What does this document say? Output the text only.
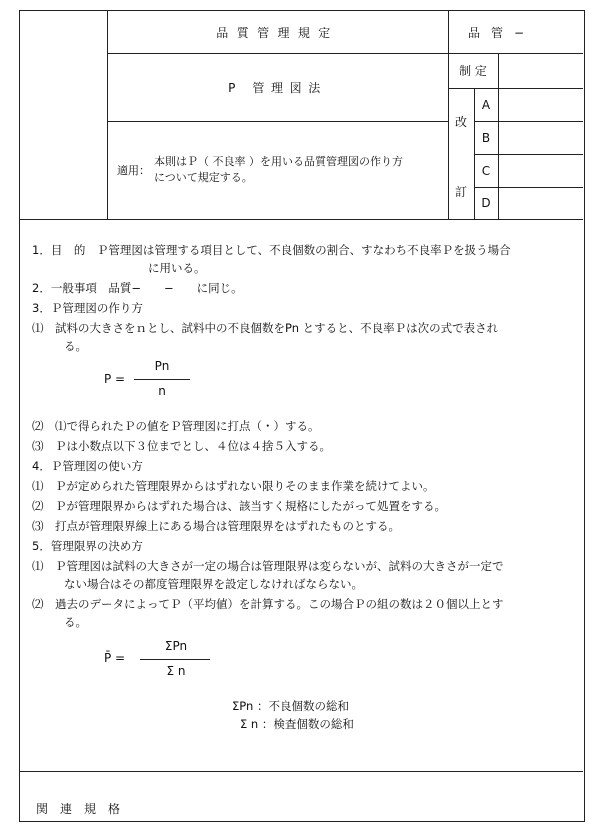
品質管理規定	品 管 −
P 管理図法
制 定
改
訂
A
B
C
D
適用：
本則はＰ（ 不良率 ）を用いる品質管理図の作り方
について規定する。
1．目　的　Ｐ管理図は管理する項目として、不良個数の割合、すなわち不良率Ｐを扱う場合
に用いる。
2．一般事項　品質−　　−　　に同じ。
3．Ｐ管理図の作り方
⑴　試料の大きさをｎとし、試料中の不良個数をPn とすると、不良率Ｐは次の式で表され
る。
P =
Pn
n
⑵　⑴で得られたＰの値をＰ管理図に打点（・）する。
⑶　Ｐは小数点以下３位までとし、４位は４捨５入する。
4．Ｐ管理図の使い方
⑴　Ｐが定められた管理限界からはずれない限りそのまま作業を続けてよい。
⑵　Ｐが管理限界からはずれた場合は、該当すく規格にしたがって処置をする。
⑶　打点が管理限界線上にある場合は管理限界をはずれたものとする。
5．管理限界の決め方
⑴　Ｐ管理図は試料の大きさが一定の場合は管理限界は変らないが、試料の大きさが一定で
ない場合はその都度管理限界を設定しなければならない。
⑵　過去のデータによってＰ（平均値）を計算する。この場合Ｐの組の数は２０個以上とす
る。
P̄ =
ΣPn
Σ n
ΣPn ：不良個数の総和
Σ n ：検査個数の総和
関　連　規　格
